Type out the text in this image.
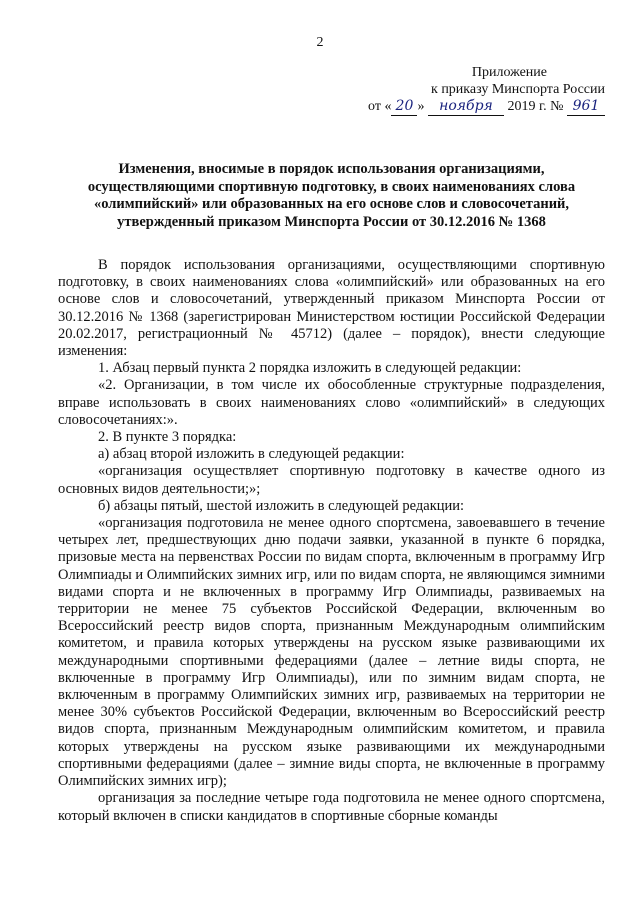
2
Приложение
к приказу Минспорта России
от « 20 » ноября 2019 г. № 961
Изменения, вносимые в порядок использования организациями, осуществляющими спортивную подготовку, в своих наименованиях слова «олимпийский» или образованных на его основе слов и словосочетаний, утвержденный приказом Минспорта России от 30.12.2016 № 1368

В порядок использования организациями, осуществляющими спортивную подготовку, в своих наименованиях слова «олимпийский» или образованных на его основе слов и словосочетаний, утвержденный приказом Минспорта России от 30.12.2016 № 1368 (зарегистрирован Министерством юстиции Российской Федерации 20.02.2017, регистрационный № 45712) (далее – порядок), внести следующие изменения:

1. Абзац первый пункта 2 порядка изложить в следующей редакции:

«2. Организации, в том числе их обособленные структурные подразделения, вправе использовать в своих наименованиях слово «олимпийский» в следующих словосочетаниях:».

2. В пункте 3 порядка:

а) абзац второй изложить в следующей редакции:

«организация осуществляет спортивную подготовку в качестве одного из основных видов деятельности;»;

б) абзацы пятый, шестой изложить в следующей редакции:

«организация подготовила не менее одного спортсмена, завоевавшего в течение четырех лет, предшествующих дню подачи заявки, указанной в пункте 6 порядка, призовые места на первенствах России по видам спорта, включенным в программу Игр Олимпиады и Олимпийских зимних игр, или по видам спорта, не являющимся зимними видами спорта и не включенных в программу Игр Олимпиады, развиваемых на территории не менее 75 субъектов Российской Федерации, включенным во Всероссийский реестр видов спорта, признанным Международным олимпийским комитетом, и правила которых утверждены на русском языке развивающими их международными спортивными федерациями (далее – летние виды спорта, не включенные в программу Игр Олимпиады), или по зимним видам спорта, не включенным в программу Олимпийских зимних игр, развиваемых на территории не менее 30% субъектов Российской Федерации, включенным во Всероссийский реестр видов спорта, признанным Международным олимпийским комитетом, и правила которых утверждены на русском языке развивающими их международными спортивными федерациями (далее – зимние виды спорта, не включенные в программу Олимпийских зимних игр);

организация за последние четыре года подготовила не менее одного спортсмена, который включен в списки кандидатов в спортивные сборные команды
